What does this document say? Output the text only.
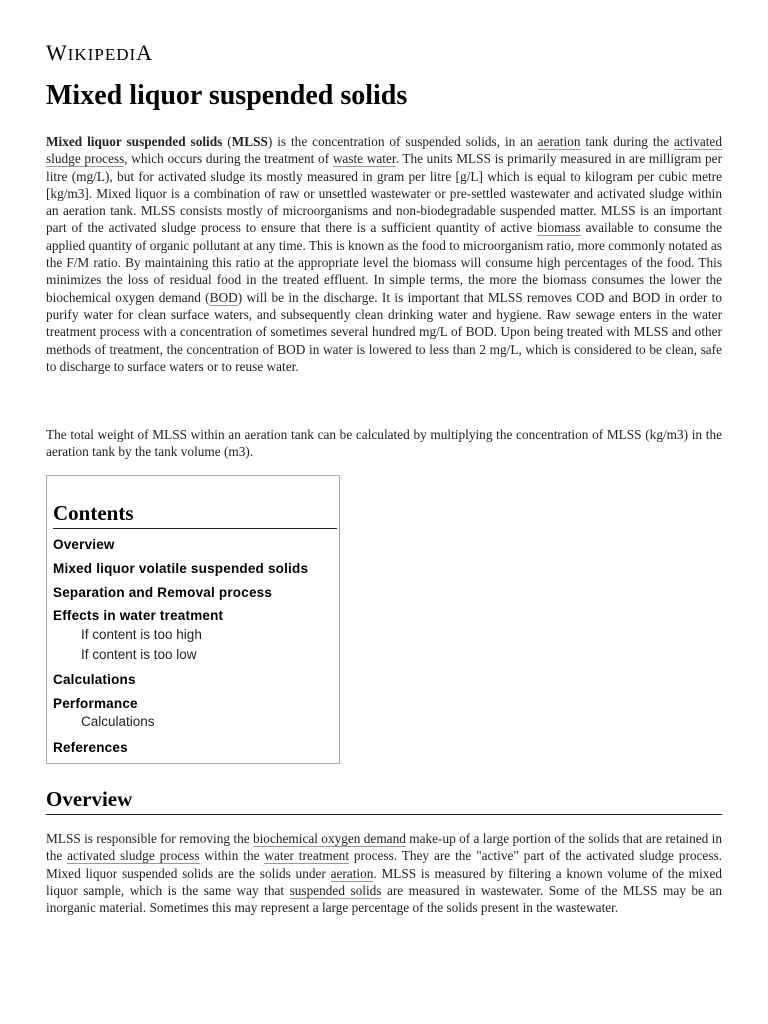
WIKIPEDIA
Mixed liquor suspended solids

Mixed liquor suspended solids (MLSS) is the concentration of suspended solids, in an aeration tank during the activated sludge process, which occurs during the treatment of waste water. The units MLSS is primarily measured in are milligram per litre (mg/L), but for activated sludge its mostly measured in gram per litre [g/L] which is equal to kilogram per cubic metre [kg/m3]. Mixed liquor is a combination of raw or unsettled wastewater or pre-settled wastewater and activated sludge within an aeration tank. MLSS consists mostly of microorganisms and non-biodegradable suspended matter. MLSS is an important part of the activated sludge process to ensure that there is a sufficient quantity of active biomass available to consume the applied quantity of organic pollutant at any time. This is known as the food to microorganism ratio, more commonly notated as the F/M ratio. By maintaining this ratio at the appropriate level the biomass will consume high percentages of the food. This minimizes the loss of residual food in the treated effluent. In simple terms, the more the biomass consumes the lower the biochemical oxygen demand (BOD) will be in the discharge. It is important that MLSS removes COD and BOD in order to purify water for clean surface waters, and subsequently clean drinking water and hygiene. Raw sewage enters in the water treatment process with a concentration of sometimes several hundred mg/L of BOD. Upon being treated with MLSS and other methods of treatment, the concentration of BOD in water is lowered to less than 2 mg/L, which is considered to be clean, safe to discharge to surface waters or to reuse water.

The total weight of MLSS within an aeration tank can be calculated by multiplying the concentration of MLSS (kg/m3) in the aeration tank by the tank volume (m3).

Contents
Overview
Mixed liquor volatile suspended solids
Separation and Removal process
Effects in water treatment
If content is too high
If content is too low
Calculations
Performance
Calculations
References
Overview

MLSS is responsible for removing the biochemical oxygen demand make-up of a large portion of the solids that are retained in the activated sludge process within the water treatment process. They are the "active" part of the activated sludge process. Mixed liquor suspended solids are the solids under aeration. MLSS is measured by filtering a known volume of the mixed liquor sample, which is the same way that suspended solids are measured in wastewater. Some of the MLSS may be an inorganic material. Sometimes this may represent a large percentage of the solids present in the wastewater.
